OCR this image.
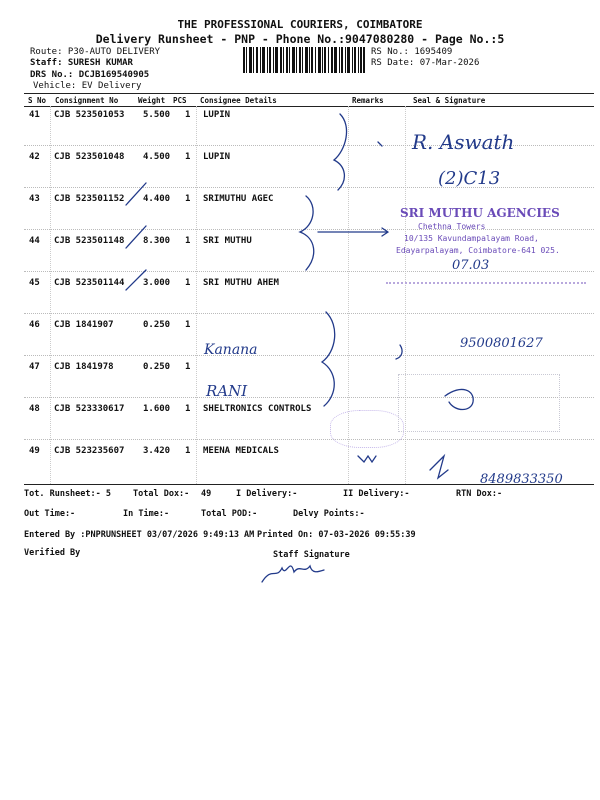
THE PROFESSIONAL COURIERS, COIMBATORE
Delivery Runsheet - PNP - Phone No.:9047080280 - Page No.:5
Route: P30-AUTO DELIVERY
Staff: SURESH KUMAR
DRS No.: DCJB169540905
Vehicle: EV Delivery
RS No.: 1695409
RS Date: 07-Mar-2026
S No Consignment No	Weight PCS Consignee Details	Remarks	Seal & Signature
41 CJB 523501053 5.500 1 LUPIN
42 CJB 523501048 4.500 1 LUPIN
43 CJB 523501152 4.400 1 SRIMUTHU AGEC
44 CJB 523501148 8.300 1 SRI MUTHU
45 CJB 523501144 3.000 1 SRI MUTHU AHEM
46 CJB 1841907	0.250 1
47 CJB 1841978	0.250 1
48 CJB 523330617 1.600 1 SHELTRONICS CONTROLS
49 CJB 523235607 3.420 1 MEENA MEDICALS
R. Aswath
(2)C13
Kanana
RANI
9500801627
8489833350
07.03
SRI MUTHU AGENCIES
Chethna Towers
10/135 Kavundampalayam Road,
Edayarpalayam, Coimbatore-641 025.
Tot. Runsheet:- 5	Total Dox:- 49	I Delivery:-	II Delivery:-	RTN Dox:-
Out Time:-	In Time:-	Total POD:-	Delvy Points:-
Entered By :PNPRUNSHEET 03/07/2026 9:49:13 AM Printed On: 07-03-2026 09:55:39
Verified By	Staff Signature
